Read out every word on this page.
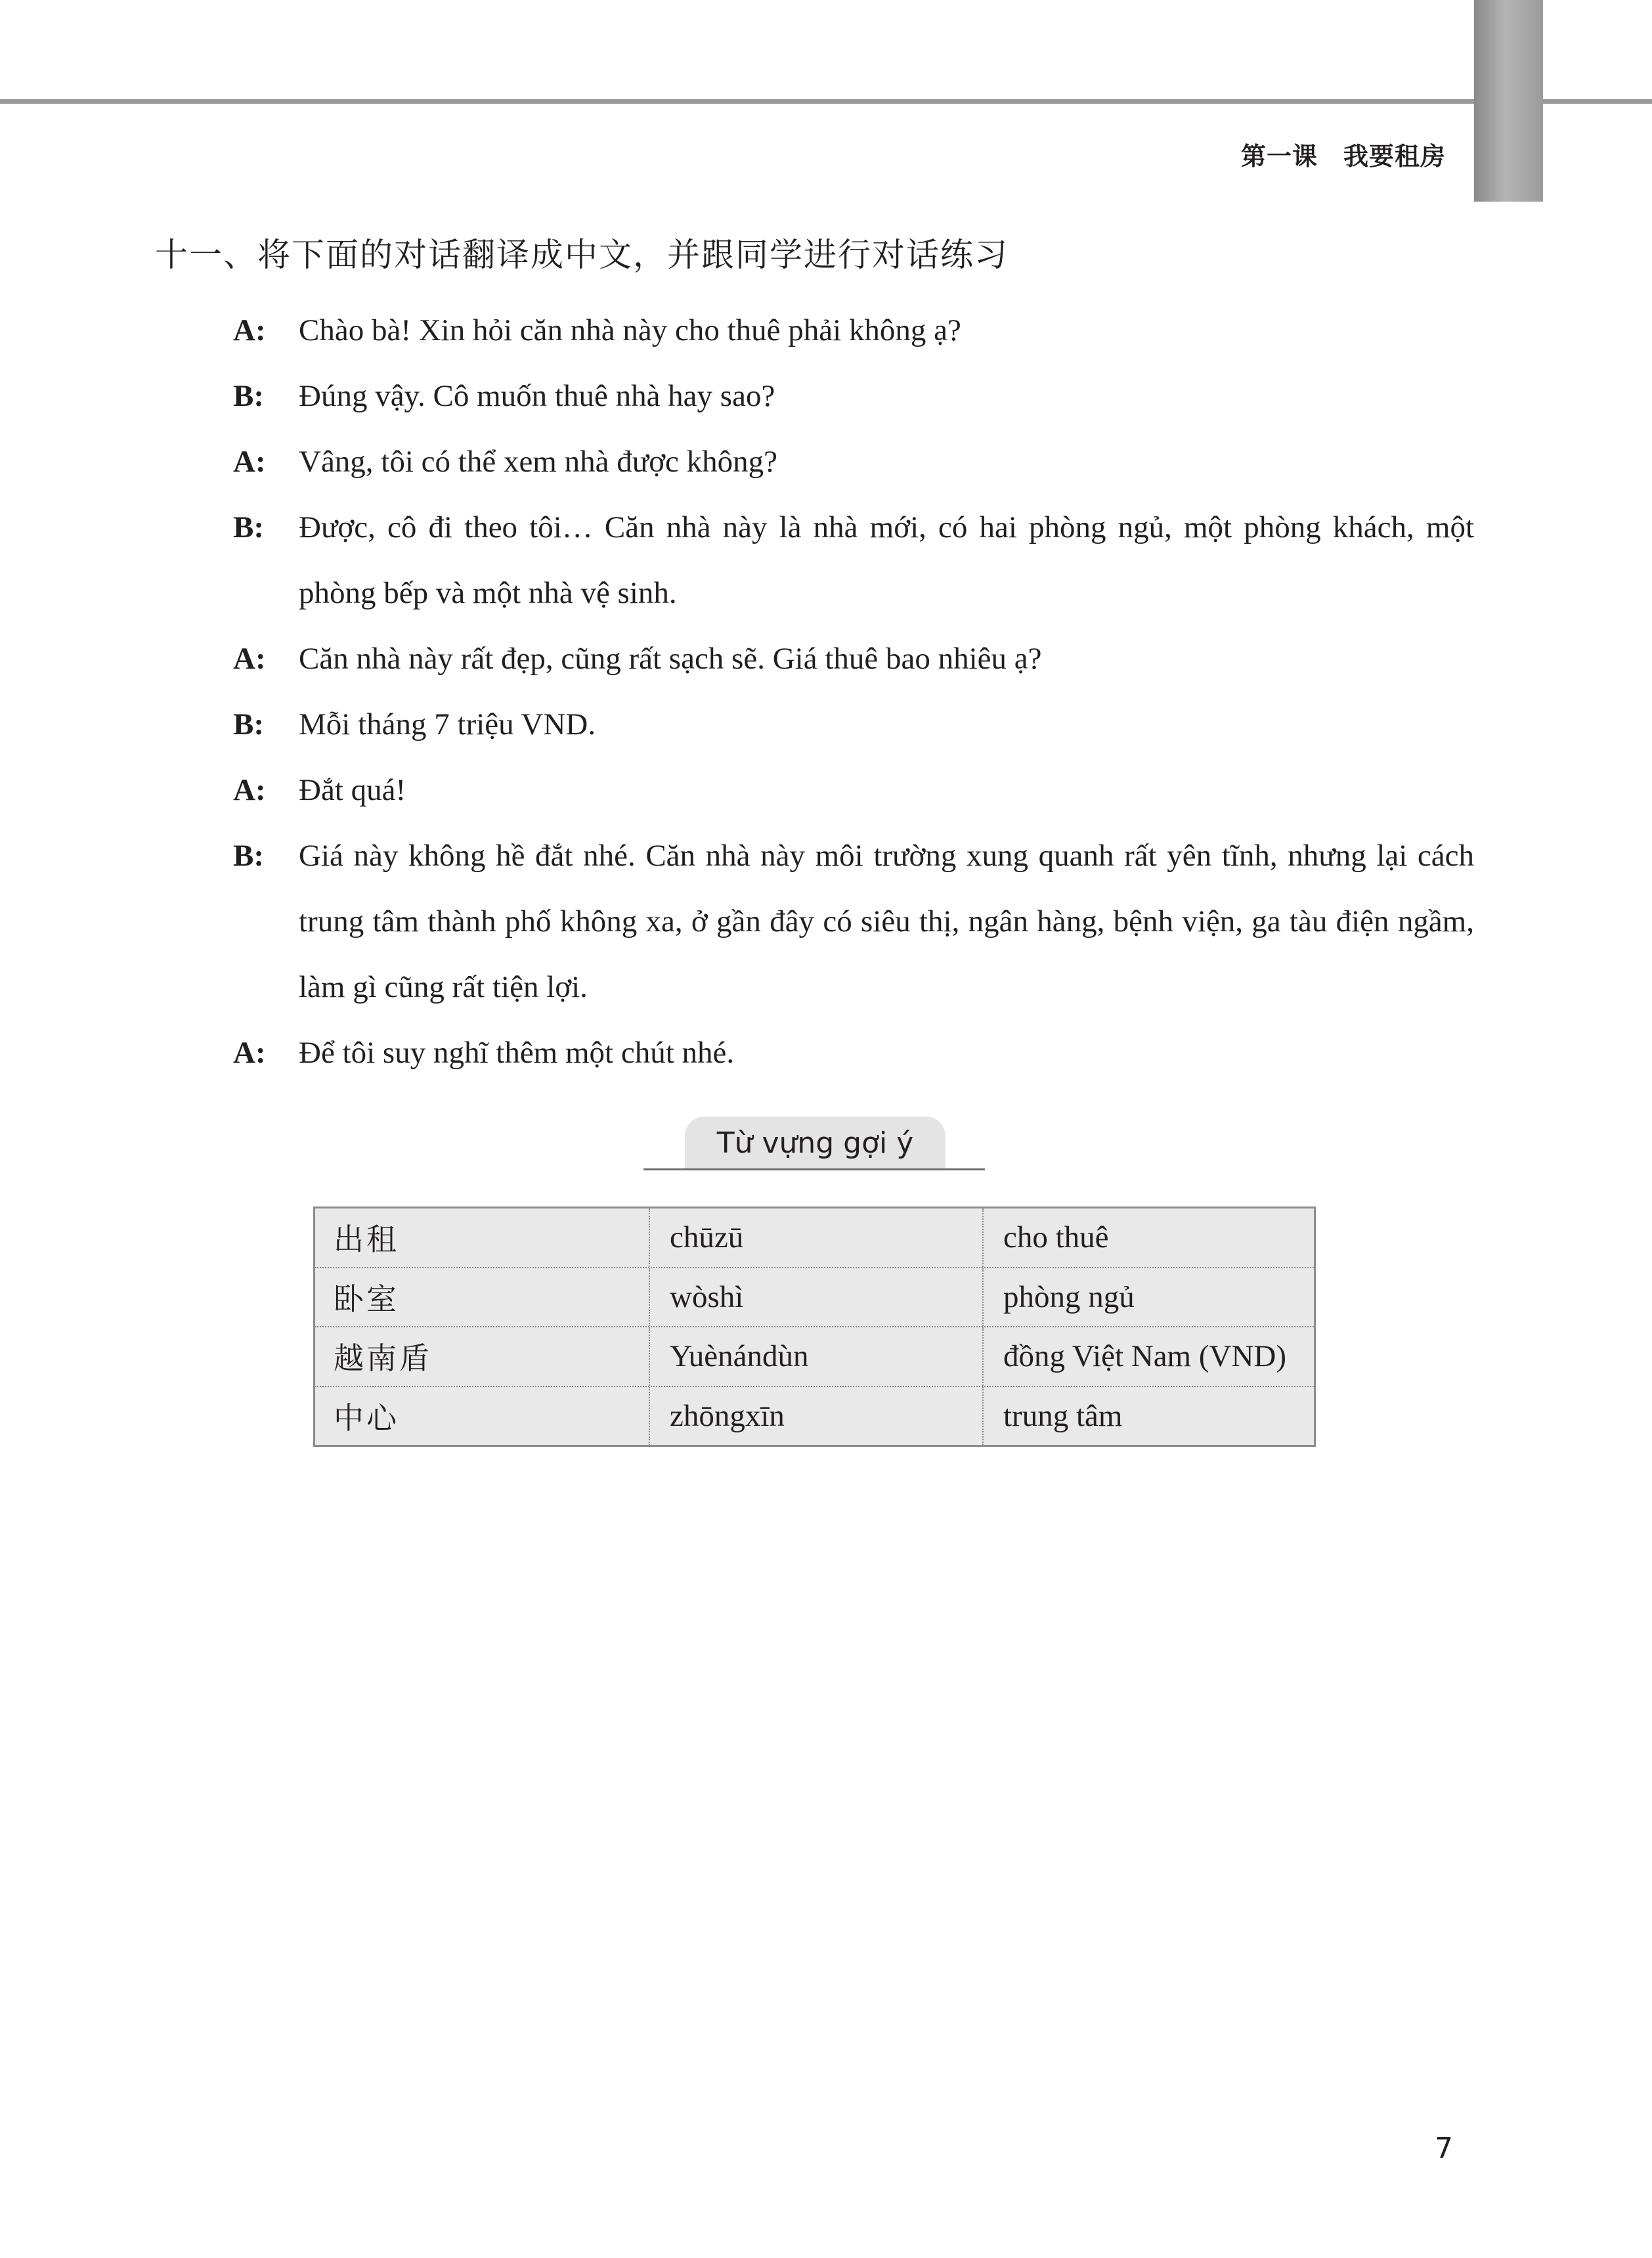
第一课　我要租房
十一、将下面的对话翻译成中文，并跟同学进行对话练习
A:	Chào bà! Xin hỏi căn nhà này cho thuê phải không ạ?
B:	Đúng vậy. Cô muốn thuê nhà hay sao?
A:	Vâng, tôi có thể xem nhà được không?
B:	Được, cô đi theo tôi… Căn nhà này là nhà mới, có hai phòng ngủ, một phòng khách, một phòng bếp và một nhà vệ sinh.
A:	Căn nhà này rất đẹp, cũng rất sạch sẽ. Giá thuê bao nhiêu ạ?
B:	Mỗi tháng 7 triệu VND.
A:	Đắt quá!
B:	Giá này không hề đắt nhé. Căn nhà này môi trường xung quanh rất yên tĩnh, nhưng lại cách trung tâm thành phố không xa, ở gần đây có siêu thị, ngân hàng, bệnh viện, ga tàu điện ngầm, làm gì cũng rất tiện lợi.
A:	Để tôi suy nghĩ thêm một chút nhé.
Từ vựng gợi ý
出租	chūzū	cho thuê
卧室	wòshì	phòng ngủ
越南盾	Yuènándùn	đồng Việt Nam (VND)
中心	zhōngxīn	trung tâm
7
